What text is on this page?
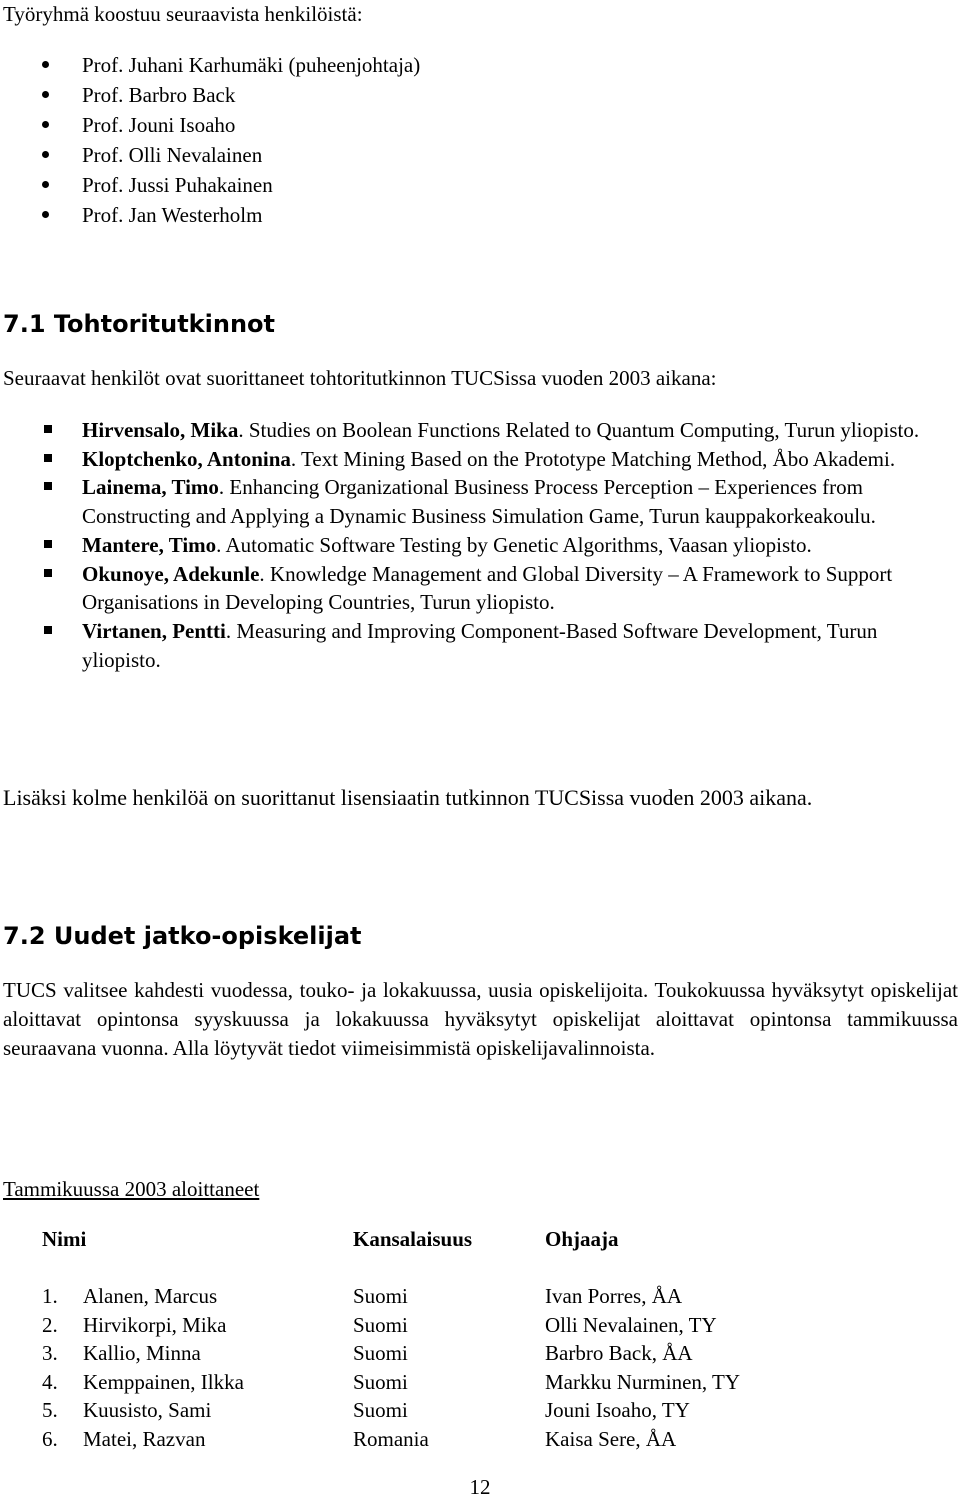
Työryhmä koostuu seuraavista henkilöistä:
Prof. Juhani Karhumäki (puheenjohtaja)
Prof. Barbro Back
Prof. Jouni Isoaho
Prof. Olli Nevalainen
Prof. Jussi Puhakainen
Prof. Jan Westerholm
7.1 Tohtoritutkinnot
Seuraavat henkilöt ovat suorittaneet tohtoritutkinnon TUCSissa vuoden 2003 aikana:
Hirvensalo, Mika. Studies on Boolean Functions Related to Quantum Computing, Turun yliopisto.
Kloptchenko, Antonina. Text Mining Based on the Prototype Matching Method, Åbo Akademi.
Lainema, Timo. Enhancing Organizational Business Process Perception – Experiences from Constructing and Applying a Dynamic Business Simulation Game, Turun kauppakorkeakoulu.
Mantere, Timo. Automatic Software Testing by Genetic Algorithms, Vaasan yliopisto.
Okunoye, Adekunle. Knowledge Management and Global Diversity – A Framework to Support Organisations in Developing Countries, Turun yliopisto.
Virtanen, Pentti. Measuring and Improving Component-Based Software Development, Turun yliopisto.
Lisäksi kolme henkilöä on suorittanut lisensiaatin tutkinnon TUCSissa vuoden 2003 aikana.
7.2 Uudet jatko-opiskelijat
TUCS valitsee kahdesti vuodessa, touko- ja lokakuussa, uusia opiskelijoita. Toukokuussa hyväksytyt opiskelijat aloittavat opintonsa syyskuussa ja lokakuussa hyväksytyt opiskelijat aloittavat opintonsa tammikuussa seuraavana vuonna. Alla löytyvät tiedot viimeisimmistä opiskelijavalinnoista.
Tammikuussa 2003 aloittaneet
Nimi	Kansalaisuus	Ohjaaja
1. Alanen, Marcus	Suomi	Ivan Porres, ÅA
2. Hirvikorpi, Mika	Suomi	Olli Nevalainen, TY
3. Kallio, Minna	Suomi	Barbro Back, ÅA
4. Kemppainen, Ilkka	Suomi	Markku Nurminen, TY
5. Kuusisto, Sami	Suomi	Jouni Isoaho, TY
6. Matei, Razvan	Romania	Kaisa Sere, ÅA
12
